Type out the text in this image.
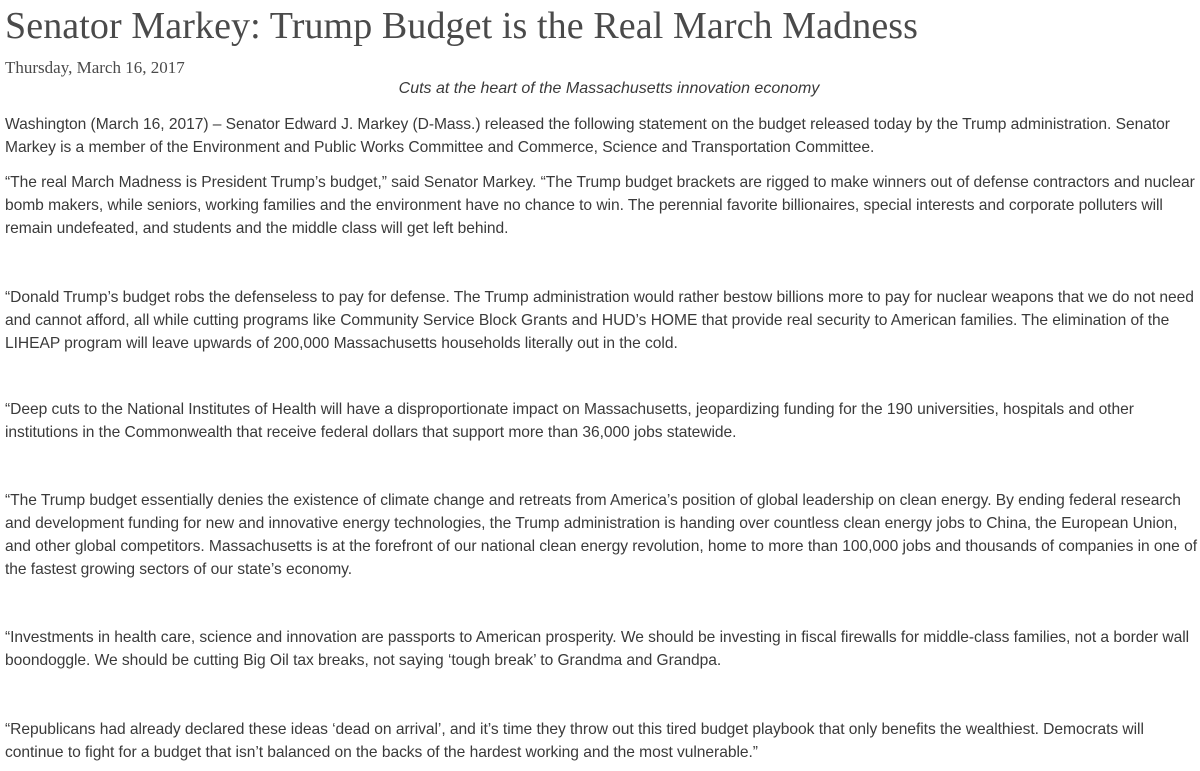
Senator Markey: Trump Budget is the Real March Madness
Thursday, March 16, 2017
Cuts at the heart of the Massachusetts innovation economy

Washington (March 16, 2017) – Senator Edward J. Markey (D-Mass.) released the following statement on the budget released today by the Trump administration. Senator Markey is a member of the Environment and Public Works Committee and Commerce, Science and Transportation Committee.

“The real March Madness is President Trump’s budget,” said Senator Markey. “The Trump budget brackets are rigged to make winners out of defense contractors and nuclear bomb makers, while seniors, working families and the environment have no chance to win. The perennial favorite billionaires, special interests and corporate polluters will remain undefeated, and students and the middle class will get left behind.

“Donald Trump’s budget robs the defenseless to pay for defense. The Trump administration would rather bestow billions more to pay for nuclear weapons that we do not need and cannot afford, all while cutting programs like Community Service Block Grants and HUD’s HOME that provide real security to American families. The elimination of the LIHEAP program will leave upwards of 200,000 Massachusetts households literally out in the cold.

“Deep cuts to the National Institutes of Health will have a disproportionate impact on Massachusetts, jeopardizing funding for the 190 universities, hospitals and other institutions in the Commonwealth that receive federal dollars that support more than 36,000 jobs statewide.

“The Trump budget essentially denies the existence of climate change and retreats from America’s position of global leadership on clean energy. By ending federal research and development funding for new and innovative energy technologies, the Trump administration is handing over countless clean energy jobs to China, the European Union, and other global competitors. Massachusetts is at the forefront of our national clean energy revolution, home to more than 100,000 jobs and thousands of companies in one of the fastest growing sectors of our state’s economy.

“Investments in health care, science and innovation are passports to American prosperity. We should be investing in fiscal firewalls for middle-class families, not a border wall boondoggle. We should be cutting Big Oil tax breaks, not saying ‘tough break’ to Grandma and Grandpa.

“Republicans had already declared these ideas ‘dead on arrival’, and it’s time they throw out this tired budget playbook that only benefits the wealthiest. Democrats will continue to fight for a budget that isn’t balanced on the backs of the hardest working and the most vulnerable.”
